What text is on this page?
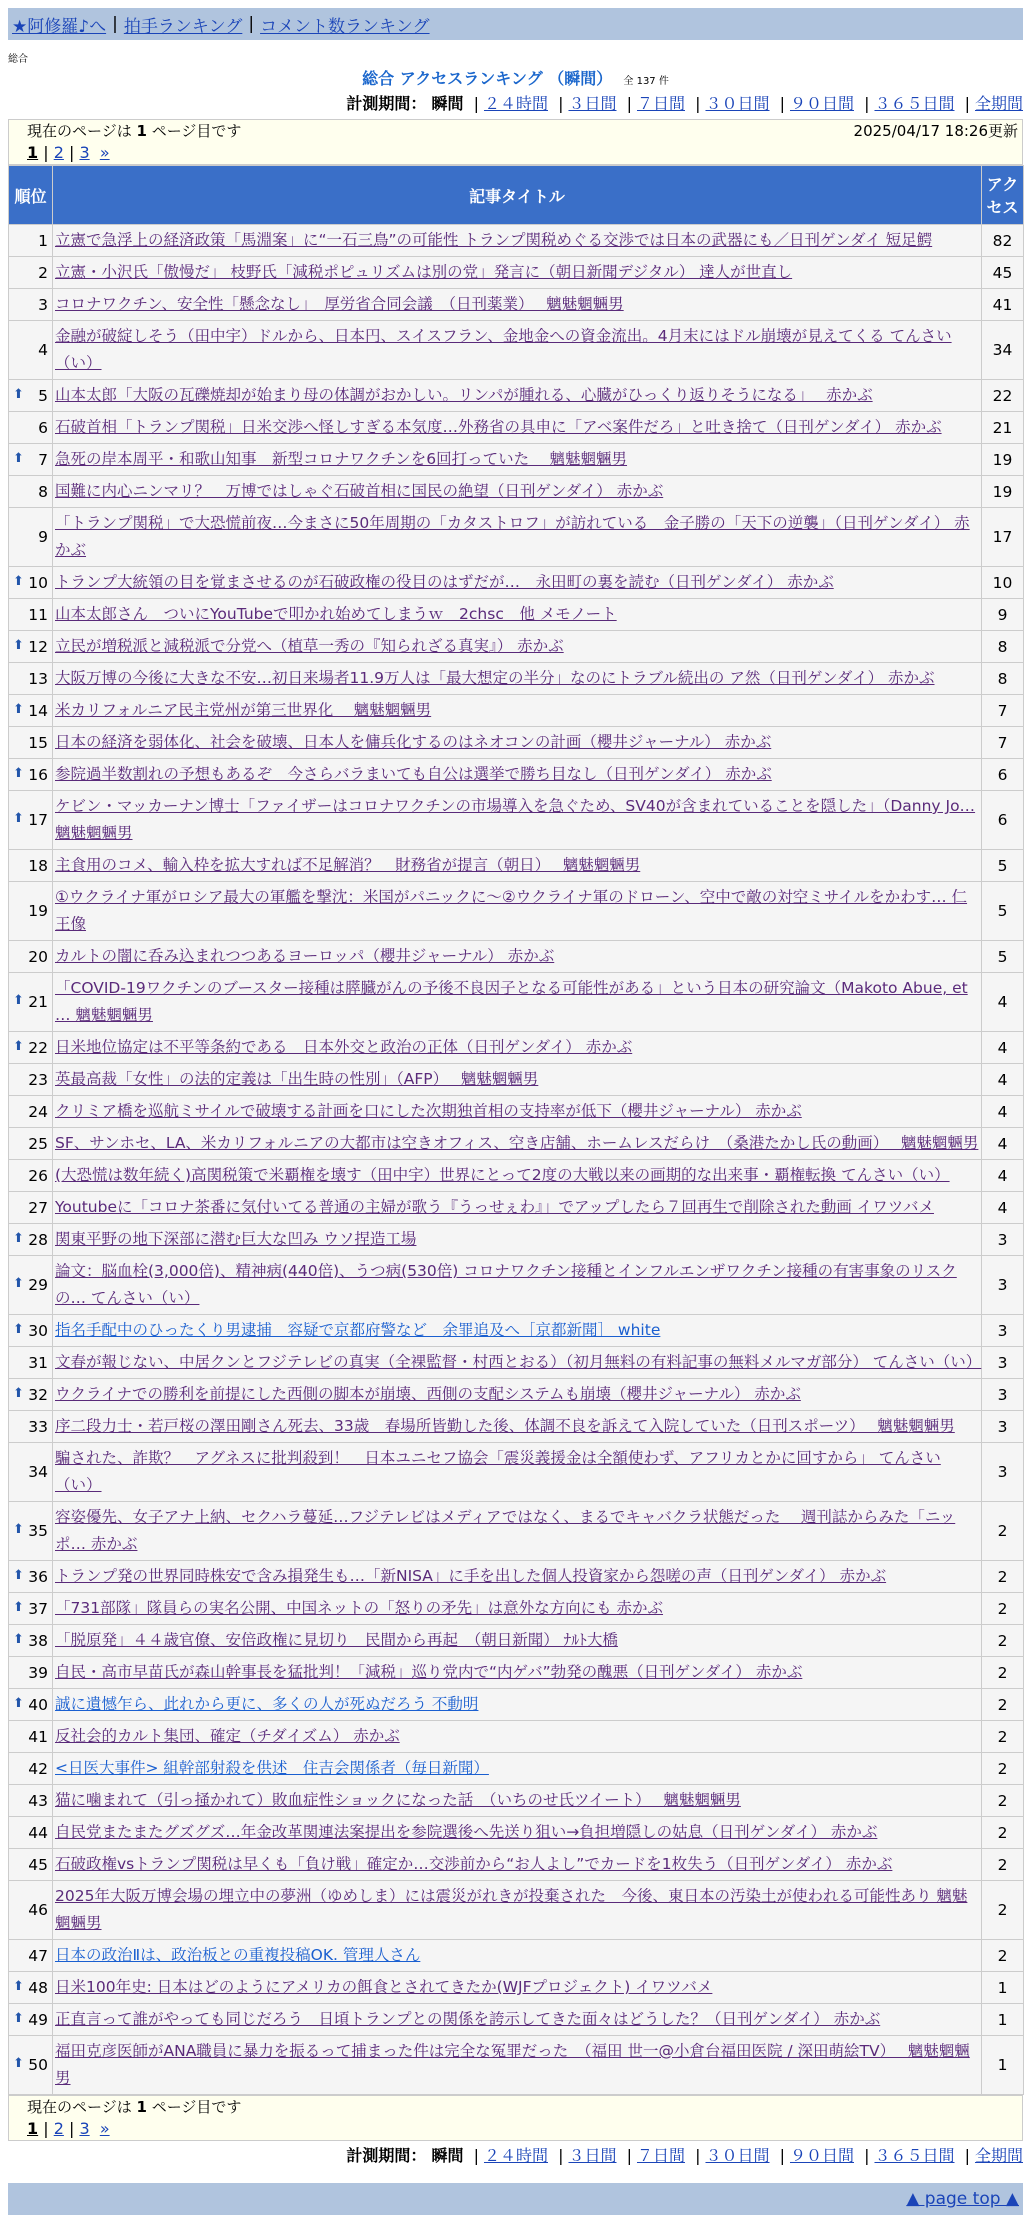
★阿修羅♪へ | 拍手ランキング | コメント数ランキング
総合
総合 アクセスランキング （瞬間） 全 137 件
計測期間： 瞬間 | ２４時間 | ３日間 | ７日間 | ３０日間 | ９０日間 | ３６５日間 | 全期間
現在のページは 1 ページ目です	2025/04/17 18:26更新
1 | 2 | 3 »
順位	記事タイトル	アクセス
1	立憲で急浮上の経済政策「馬淵案」に“一石三鳥”の可能性 トランプ関税めぐる交渉では日本の武器にも／日刊ゲンダイ 短足鰐	82
2	立憲・小沢氏「傲慢だ」 枝野氏「減税ポピュリズムは別の党」発言に（朝日新聞デジタル） 達人が世直し	45
3	コロナワクチン、安全性「懸念なし」　厚労省合同会議　（日刊薬業）　 魑魅魍魎男	41
4	金融が破綻しそう（田中宇）ドルから、日本円、スイスフラン、金地金への資金流出。4月末にはドル崩壊が見えてくる てんさい（い）	34

⬆ 5	山本太郎「大阪の瓦礫焼却が始まり母の体調がおかしい。リンパが腫れる、心臓がひっくり返りそうになる」　 赤かぶ	22
6	石破首相「トランプ関税」日米交渉へ怪しすぎる本気度…外務省の具申に「アベ案件だろ」と吐き捨て（日刊ゲンダイ） 赤かぶ	21

⬆ 7	急死の岸本周平・和歌山知事　新型コロナワクチンを6回打っていた　 魑魅魍魎男	19
8	国難に内心ニンマリ？　万博ではしゃぐ石破首相に国民の絶望（日刊ゲンダイ） 赤かぶ	19
9	「トランプ関税」で大恐慌前夜…今まさに50年周期の「カタストロフ」が訪れている　金子勝の「天下の逆襲」（日刊ゲンダイ） 赤かぶ	17

⬆ 10	トランプ大統領の目を覚まさせるのが石破政権の役目のはずだが…　永田町の裏を読む（日刊ゲンダイ） 赤かぶ	10
11	山本太郎さん　ついにYouTubeで叩かれ始めてしまうｗ　2chsc　他 メモノート	9

⬆ 12	立民が増税派と減税派で分党へ（植草一秀の『知られざる真実』） 赤かぶ	8
13	大阪万博の今後に大きな不安…初日来場者11.9万人は「最大想定の半分」なのにトラブル続出の ア然（日刊ゲンダイ） 赤かぶ	8

⬆ 14	米カリフォルニア民主党州が第三世界化　 魑魅魍魎男	7
15	日本の経済を弱体化、社会を破壊、日本人を傭兵化するのはネオコンの計画（櫻井ジャーナル） 赤かぶ	7

⬆ 16	参院過半数割れの予想もあるぞ　今さらバラまいても自公は選挙で勝ち目なし（日刊ゲンダイ） 赤かぶ	6

⬆ 17	ケビン・マッカーナン博士「ファイザーはコロナワクチンの市場導入を急ぐため、SV40が含まれていることを隠した」（Danny Jo… 魑魅魍魎男	6
18	主食用のコメ、輸入枠を拡大すれば不足解消？　財務省が提言（朝日）　 魑魅魍魎男	5
19	①ウクライナ軍がロシア最大の軍艦を撃沈：米国がパニックに～②ウクライナ軍のドローン、空中で敵の対空ミサイルをかわす… 仁王像	5
20	カルトの闇に呑み込まれつつあるヨーロッパ（櫻井ジャーナル） 赤かぶ	5

⬆ 21	「COVID-19ワクチンのブースター接種は膵臓がんの予後不良因子となる可能性がある」という日本の研究論文（Makoto Abue, et … 魑魅魍魎男	4

⬆ 22	日米地位協定は不平等条約である　日本外交と政治の正体（日刊ゲンダイ） 赤かぶ	4
23	英最高裁「女性」の法的定義は「出生時の性別」（AFP）　 魑魅魍魎男	4
24	クリミア橋を巡航ミサイルで破壊する計画を口にした次期独首相の支持率が低下（櫻井ジャーナル） 赤かぶ	4
25	SF、サンホセ、LA、米カリフォルニアの大都市は空きオフィス、空き店舗、ホームレスだらけ　（桑港たかし氏の動画）　 魑魅魍魎男	4
26	(大恐慌は数年続く)高関税策で米覇権を壊す（田中宇）世界にとって2度の大戦以来の画期的な出来事・覇権転換 てんさい（い）	4
27	Youtubeに「コロナ茶番に気付いてる普通の主婦が歌う『うっせぇわ』」でアップしたら７回再生で削除された動画 イワツバメ	4

⬆ 28	関東平野の地下深部に潜む巨大な凹み ウソ捏造工場	3

⬆ 29	論文：脳血栓(3,000倍)、精神病(440倍)、うつ病(530倍) コロナワクチン接種とインフルエンザワクチン接種の有害事象のリスクの… てんさい（い）	3

⬆ 30	指名手配中のひったくり男逮捕　容疑で京都府警など　余罪追及へ［京都新聞］ white	3
31	文春が報じない、中居クンとフジテレビの真実（全裸監督・村西とおる）（初月無料の有料記事の無料メルマガ部分） てんさい（い）	3

⬆ 32	ウクライナでの勝利を前提にした西側の脚本が崩壊、西側の支配システムも崩壊（櫻井ジャーナル） 赤かぶ	3
33	序二段力士・若戸桜の澤田剛さん死去、33歳　春場所皆勤した後、体調不良を訴えて入院していた（日刊スポーツ）　 魑魅魍魎男	3
34	騙された、詐欺？　アグネスに批判殺到！　日本ユニセフ協会「震災義援金は全額使わず、アフリカとかに回すから」 てんさい（い）	3

⬆ 35	容姿優先、女子アナ上納、セクハラ蔓延…フジテレビはメディアではなく、まるでキャバクラ状態だった　 週刊誌からみた「ニッポ… 赤かぶ	2

⬆ 36	トランプ発の世界同時株安で含み損発生も…「新NISA」に手を出した個人投資家から怨嗟の声（日刊ゲンダイ） 赤かぶ	2

⬆ 37	「731部隊」隊員らの実名公開、中国ネットの「怒りの矛先」は意外な方向にも 赤かぶ	2

⬆ 38	「脱原発」４４歳官僚、安倍政権に見切り　民間から再起　（朝日新聞） ﾅﾙﾄ大橋	2
39	自民・高市早苗氏が森山幹事長を猛批判！「減税」巡り党内で“内ゲバ”勃発の醜悪（日刊ゲンダイ） 赤かぶ	2

⬆ 40	誠に遺憾乍ら、此れから更に、多くの人が死ぬだろう 不動明	2
41	反社会的カルト集団、確定（チダイズム） 赤かぶ	2
42	<日医大事件> 組幹部射殺を供述　住吉会関係者（毎日新聞）	2
43	猫に噛まれて（引っ掻かれて）敗血症性ショックになった話　（いちのせ氏ツイート）　 魑魅魍魎男	2
44	自民党またまたグズグズ…年金改革関連法案提出を参院選後へ先送り狙い→負担増隠しの姑息（日刊ゲンダイ） 赤かぶ	2
45	石破政権vsトランプ関税は早くも「負け戦」確定か…交渉前から“お人よし”でカードを1枚失う（日刊ゲンダイ） 赤かぶ	2
46	2025年大阪万博会場の埋立中の夢洲（ゆめしま）には震災がれきが投棄された　今後、東日本の汚染土が使われる可能性あり 魑魅魍魎男	2
47	日本の政治Ⅱは、政治板との重複投稿OK. 管理人さん	2

⬆ 48	日米100年史: 日本はどのようにアメリカの餌食とされてきたか(WJFプロジェクト) イワツバメ	1

⬆ 49	正直言って誰がやっても同じだろう　日頃トランプとの関係を誇示してきた面々はどうした？（日刊ゲンダイ） 赤かぶ	1

⬆ 50	福田克彦医師がANA職員に暴力を振るって捕まった件は完全な冤罪だった　（福田 世一@小倉台福田医院 / 深田萌絵TV）　 魑魅魍魎男	1
現在のページは 1 ページ目です
1 | 2 | 3 »
計測期間： 瞬間 | ２４時間 | ３日間 | ７日間 | ３０日間 | ９０日間 | ３６５日間 | 全期間
▲ page top ▲
